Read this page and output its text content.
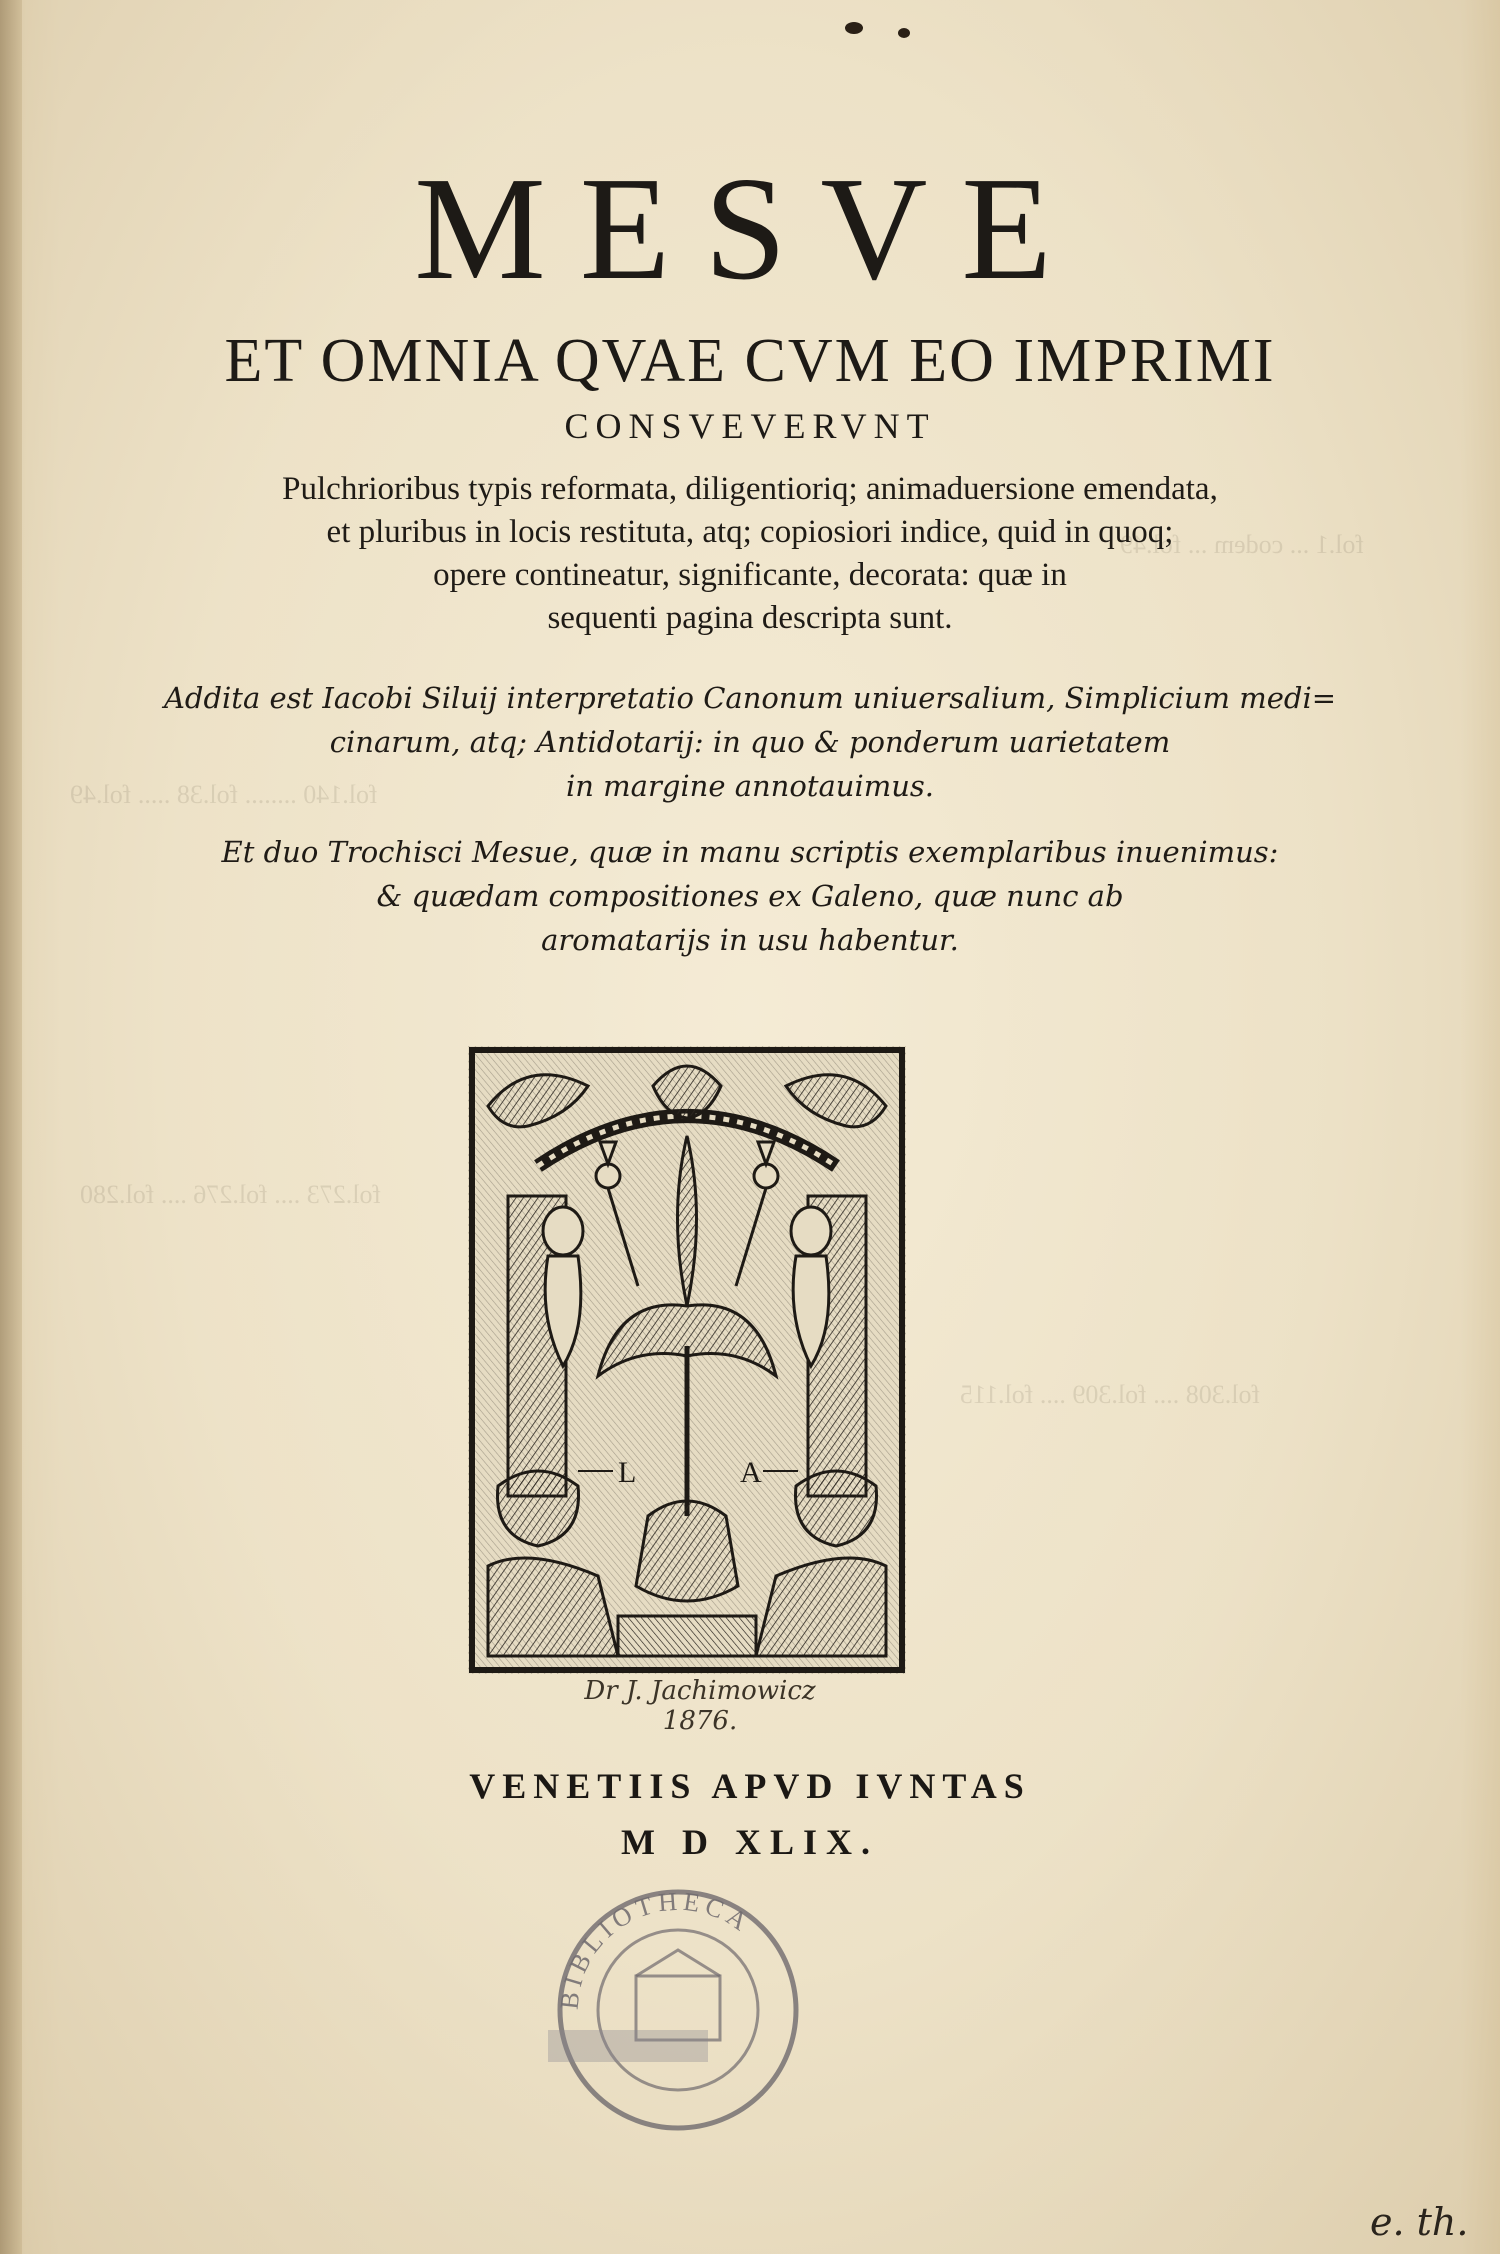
fol.1 ... codem ... fol.49
fol.140 ........ fol.38 ..... fol.49
fol.273 .... fol.276 .... fol.280
fol.308 .... fol.309 .... fol.115
MESVE
ET OMNIA QVAE CVM EO IMPRIMI
CONSVEVERVNT
Pulchrioribus typis reformata, diligentioriq; animaduersione emendata,
et pluribus in locis restituta, atq; copiosiori indice, quid in quoq;
opere contineatur, significante, decorata: quæ in
sequenti pagina descripta sunt.
Addita est Iacobi Siluij interpretatio Canonum uniuersalium, Simplicium medi=
cinarum, atq; Antidotarij: in quo & ponderum uarietatem
in margine annotauimus.
Et duo Trochisci Mesue, quæ in manu scriptis exemplaribus inuenimus:
& quædam compositiones ex Galeno, quæ nunc ab
aromatarijs in usu habentur.
L	A
Dr J. Jachimowicz
1876.
VENETIIS APVD IVNTAS
M D XLIX.
BIBLIOTHECA
e. th.
